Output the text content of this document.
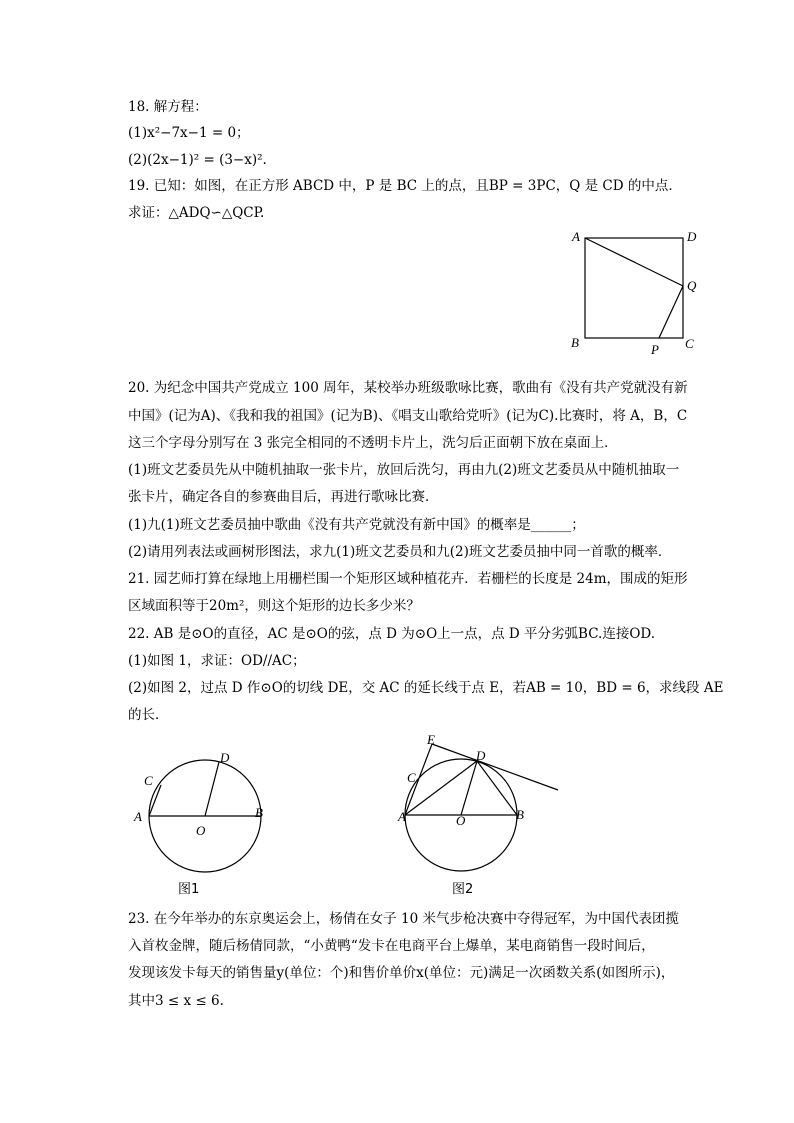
18. 解方程：
(1)x²−7x−1 = 0；
(2)(2x−1)² = (3−x)².
19. 已知：如图，在正方形 ABCD 中，P 是 BC 上的点，且BP = 3PC，Q 是 CD 的中点．
求证：△ADQ∽△QCP.
A	D
Q
B	C
P
20. 为纪念中国共产党成立 100 周年，某校举办班级歌咏比赛，歌曲有《没有共产党就没有新
中国》(记为A)、《我和我的祖国》(记为B)、《唱支山歌给党听》(记为C).比赛时，将 A，B，C
这三个字母分别写在 3 张完全相同的不透明卡片上，洗匀后正面朝下放在桌面上．
(1)班文艺委员先从中随机抽取一张卡片，放回后洗匀，再由九(2)班文艺委员从中随机抽取一
张卡片，确定各自的参赛曲目后，再进行歌咏比赛．
(1)九(1)班文艺委员抽中歌曲《没有共产党就没有新中国》的概率是______；
(2)请用列表法或画树形图法，求九(1)班文艺委员和九(2)班文艺委员抽中同一首歌的概率．
21. 园艺师打算在绿地上用栅栏围一个矩形区域种植花卉．若栅栏的长度是 24m，围成的矩形
区域面积等于20m²，则这个矩形的边长多少米？
22. AB 是⊙O的直径，AC 是⊙O的弦，点 D 为⊙O上一点，点 D 平分劣弧BC.连接OD.
(1)如图 1，求证：OD//AC；
(2)如图 2，过点 D 作⊙O的切线 DE，交 AC 的延长线于点 E，若AB = 10，BD = 6，求线段 AE
的长．
C
D
A	B
O
图1
E
D
C
A	B
O
图2
23. 在今年举办的东京奥运会上，杨倩在女子 10 米气步枪决赛中夺得冠军，为中国代表团揽
入首枚金牌，随后杨倩同款，“小黄鸭“发卡在电商平台上爆单，某电商销售一段时间后，
发现该发卡每天的销售量y(单位：个)和售价单价x(单位：元)满足一次函数关系(如图所示)，
其中3 ≤ x ≤ 6.
